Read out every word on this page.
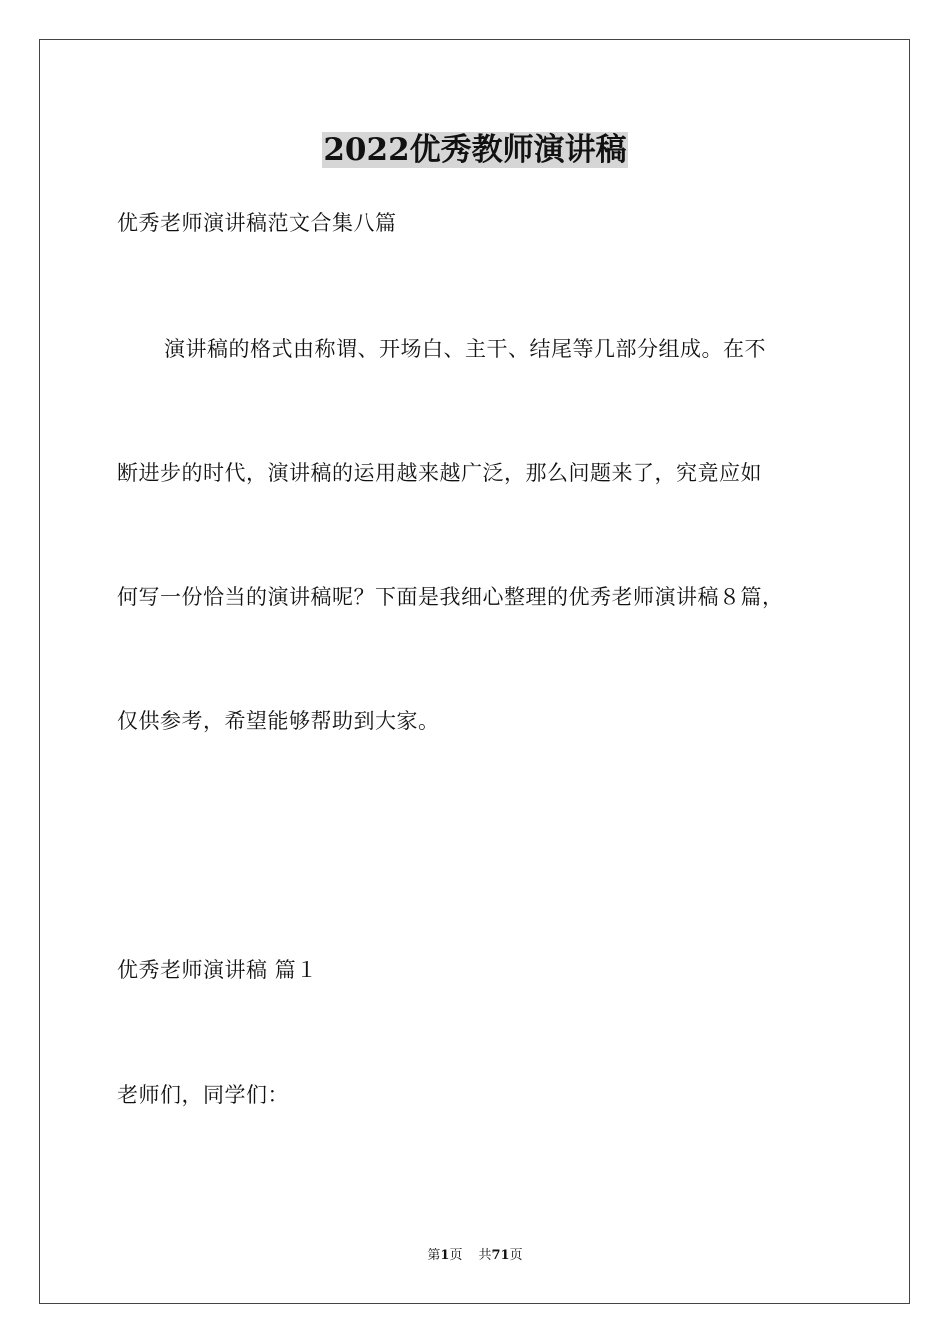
2022优秀教师演讲稿
优秀老师演讲稿范文合集八篇
演讲稿的格式由称谓、开场白、主干、结尾等几部分组成。在不
断进步的时代，演讲稿的运用越来越广泛，那么问题来了，究竟应如
何写一份恰当的演讲稿呢？下面是我细心整理的优秀老师演讲稿８篇，
仅供参考，希望能够帮助到大家。
优秀老师演讲稿 篇１
老师们，同学们：
第1页 共71页
